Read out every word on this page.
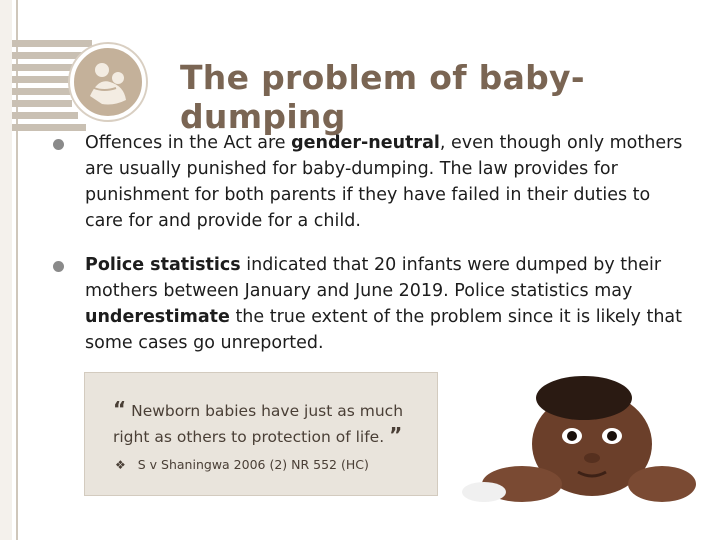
The problem of baby-dumping
Offences in the Act are gender-neutral, even though only mothers are usually punished for baby-dumping. The law provides for punishment for both parents if they have failed in their duties to care for and provide for a child.
Police statistics indicated that 20 infants were dumped by their mothers between January and June 2019. Police statistics may underestimate the true extent of the problem since it is likely that some cases go unreported.
“ Newborn babies have just as much right as others to protection of life. ”
❖ S v Shaningwa 2006 (2) NR 552 (HC)
